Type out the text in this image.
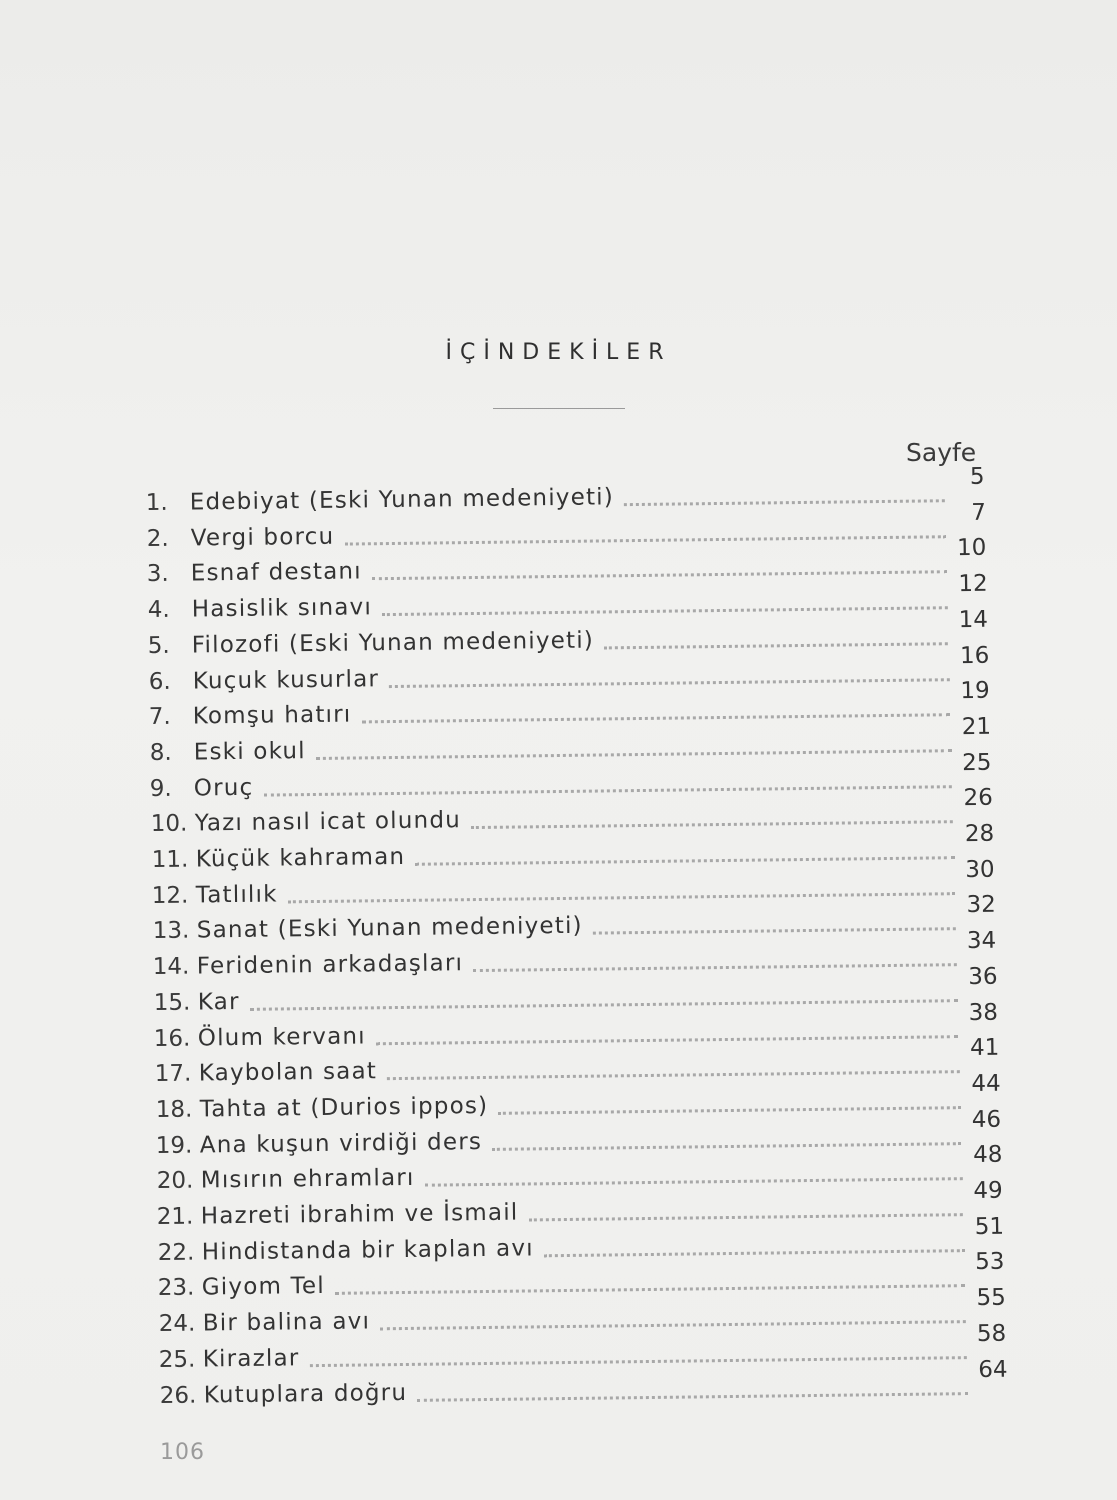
İÇİNDEKİLER
Sayfe
1. Edebiyat (Eski Yunan medeniyeti)
5
2. Vergi borcu
7
3. Esnaf destanı
10
4. Hasislik sınavı
12
5. Filozofi (Eski Yunan medeniyeti)
14
6. Kuçuk kusurlar
16
7. Komşu hatırı
19
8. Eski okul
21
9. Oruç
25
10. Yazı nasıl icat olundu
26
11. Küçük kahraman
28
12. Tatlılık
30
13. Sanat (Eski Yunan medeniyeti)
32
14. Feridenin arkadaşları
34
15. Kar
36
16. Ölum kervanı
38
17. Kaybolan saat
41
18. Tahta at (Durios ippos)
44
19. Ana kuşun virdiği ders
46
20. Mısırın ehramları
48
21. Hazreti ibrahim ve İsmail
49
22. Hindistanda bir kaplan avı
51
23. Giyom Tel
53
24. Bir balina avı
55
25. Kirazlar
58
26. Kutuplara doğru
64
106
